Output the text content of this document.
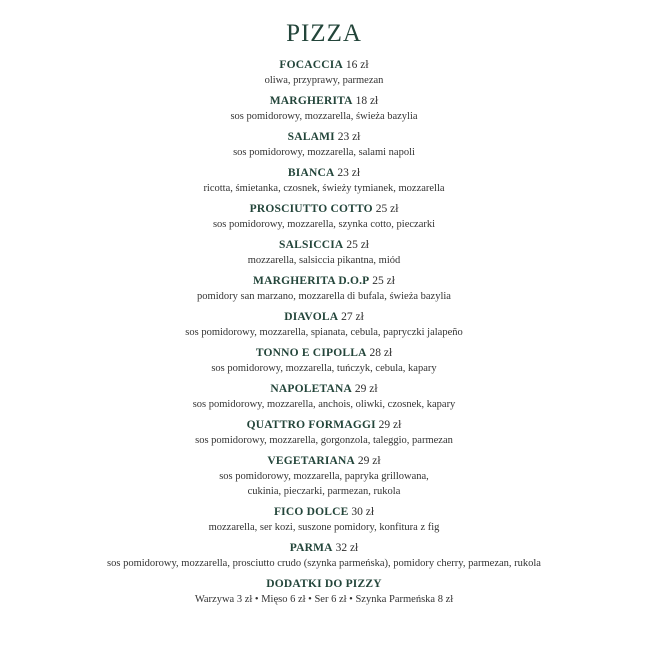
PIZZA
FOCACCIA 16 zł
oliwa, przyprawy, parmezan
MARGHERITA 18 zł
sos pomidorowy, mozzarella, świeża bazylia
SALAMI 23 zł
sos pomidorowy, mozzarella, salami napoli
BIANCA 23 zł
ricotta, śmietanka, czosnek, świeży tymianek, mozzarella
PROSCIUTTO COTTO 25 zł
sos pomidorowy, mozzarella, szynka cotto, pieczarki
SALSICCIA 25 zł
mozzarella, salsiccia pikantna, miód
MARGHERITA D.O.P 25 zł
pomidory san marzano, mozzarella di bufala, świeża bazylia
DIAVOLA 27 zł
sos pomidorowy, mozzarella, spianata, cebula, papryczki jalapeño
TONNO E CIPOLLA 28 zł
sos pomidorowy, mozzarella, tuńczyk, cebula, kapary
NAPOLETANA 29 zł
sos pomidorowy, mozzarella, anchois, oliwki, czosnek, kapary
QUATTRO FORMAGGI 29 zł
sos pomidorowy, mozzarella, gorgonzola, taleggio, parmezan
VEGETARIANA 29 zł
sos pomidorowy, mozzarella, papryka grillowana,
cukinia, pieczarki, parmezan, rukola
FICO DOLCE 30 zł
mozzarella, ser kozi, suszone pomidory, konfitura z fig
PARMA 32 zł
sos pomidorowy, mozzarella, prosciutto crudo (szynka parmeńska), pomidory cherry, parmezan, rukola
DODATKI DO PIZZY
Warzywa 3 zł • Mięso 6 zł • Ser 6 zł • Szynka Parmeńska 8 zł
